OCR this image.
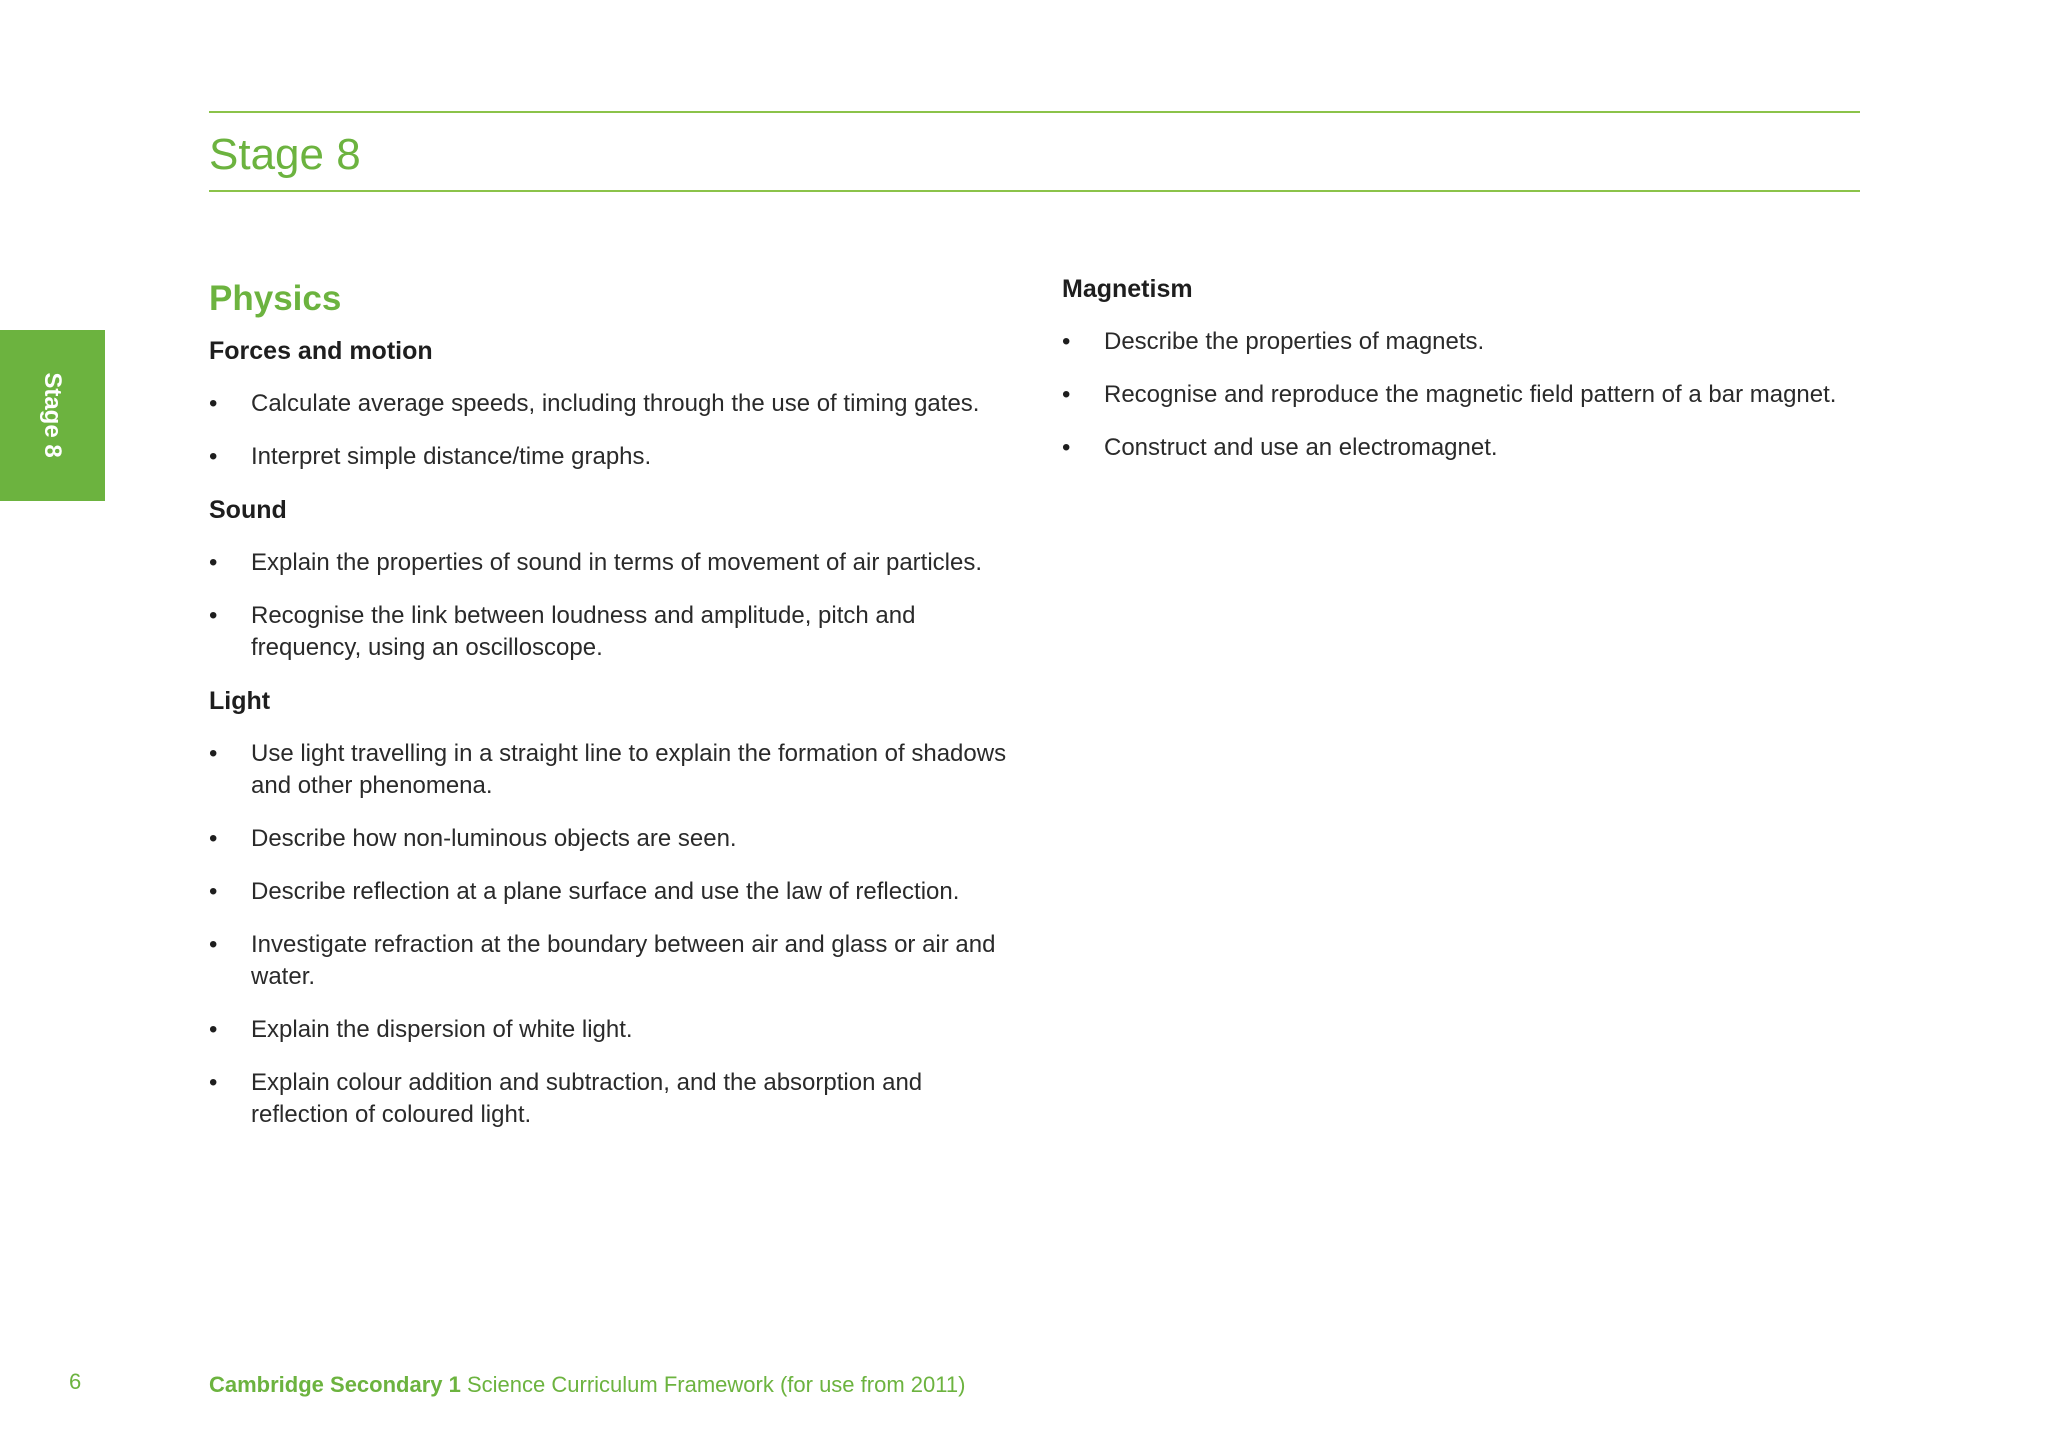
Stage 8
Stage 8
Physics
Forces and motion
• Calculate average speeds, including through the use of timing gates.
• Interpret simple distance/time graphs.
Sound
• Explain the properties of sound in terms of movement of air particles.
• Recognise the link between loudness and amplitude, pitch and frequency, using an oscilloscope.
Light
• Use light travelling in a straight line to explain the formation of shadows and other phenomena.
• Describe how non-luminous objects are seen.
• Describe reflection at a plane surface and use the law of reflection.
• Investigate refraction at the boundary between air and glass or air and water.
• Explain the dispersion of white light.
• Explain colour addition and subtraction, and the absorption and reflection of coloured light.
Magnetism
• Describe the properties of magnets.
• Recognise and reproduce the magnetic field pattern of a bar magnet.
• Construct and use an electromagnet.
6	Cambridge Secondary 1 Science Curriculum Framework (for use from 2011)
